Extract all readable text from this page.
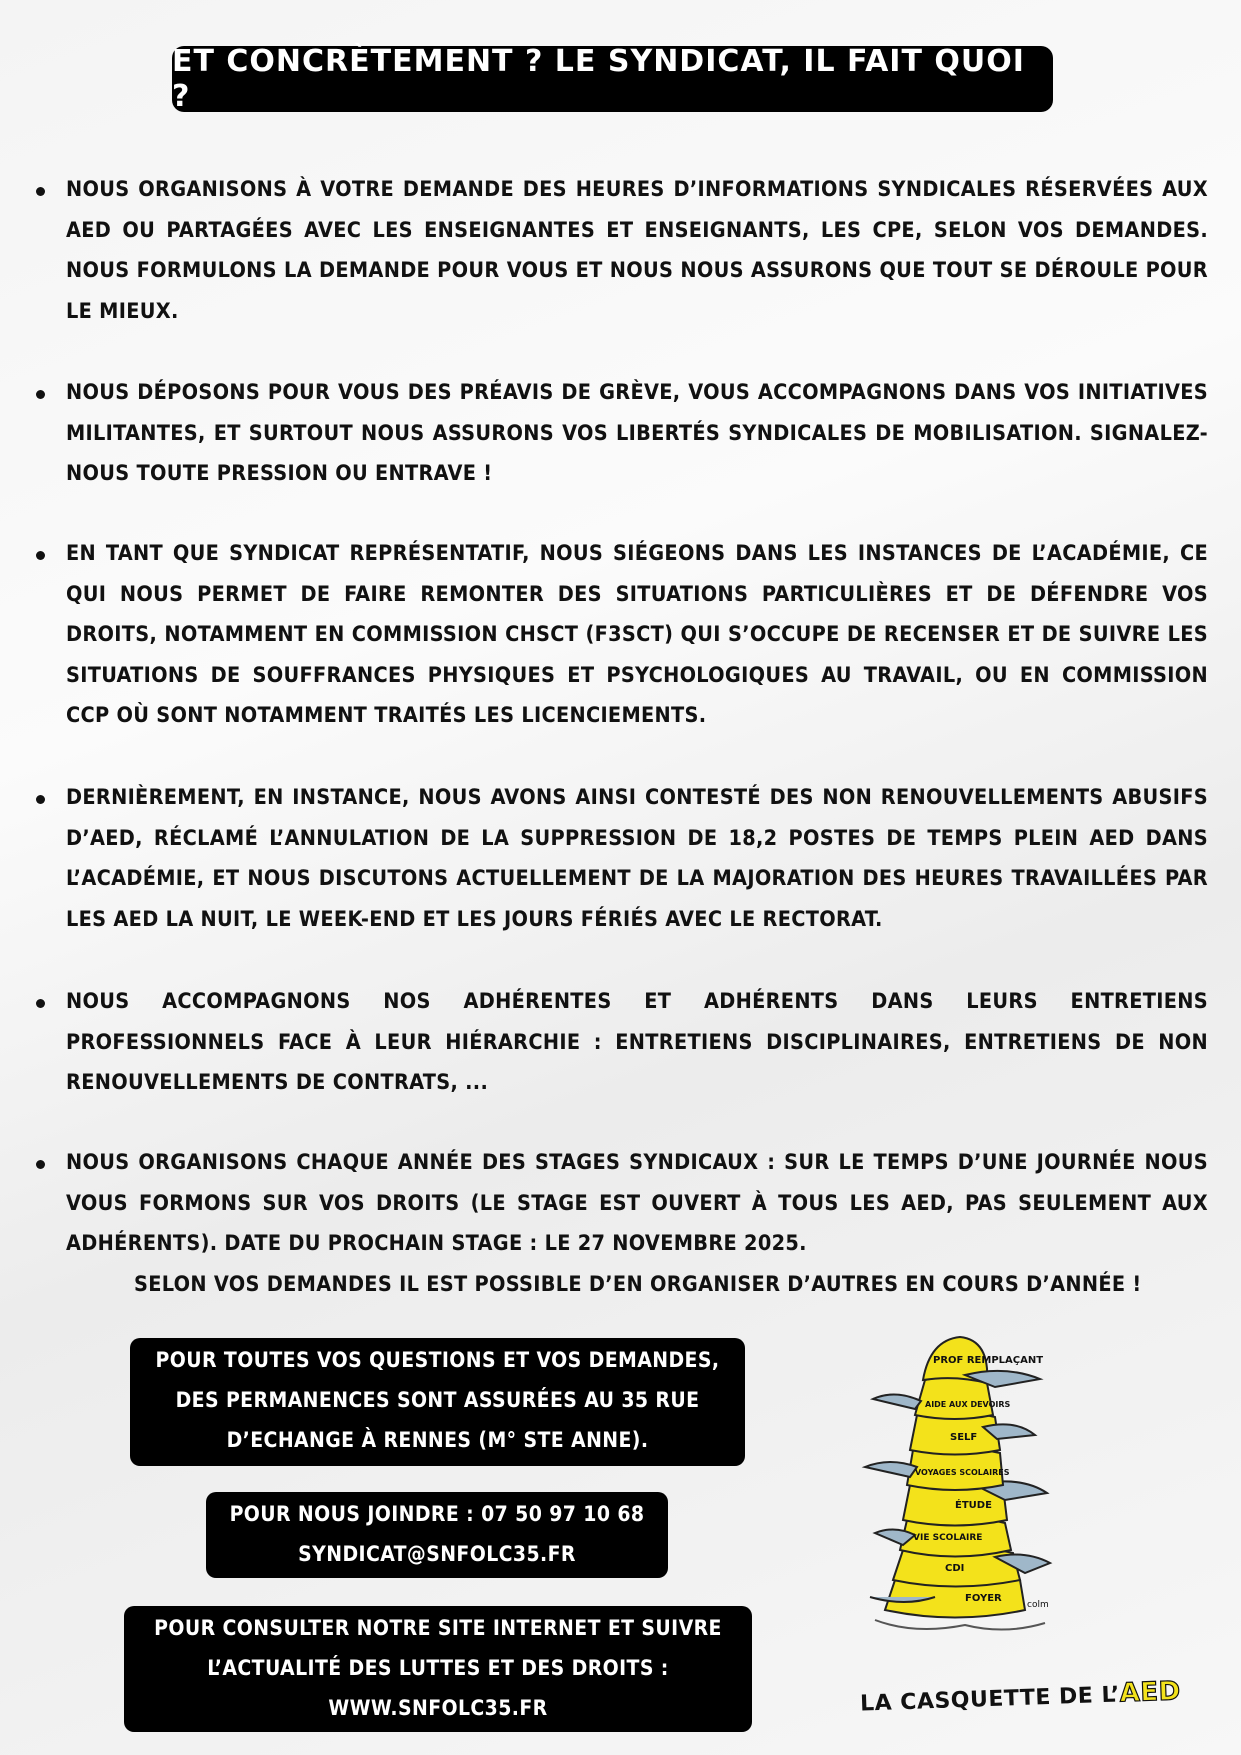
ET CONCRÈTEMENT ? LE SYNDICAT, IL FAIT QUOI ?
NOUS ORGANISONS À VOTRE DEMANDE DES HEURES D’INFORMATIONS SYNDICALES RÉSERVÉES AUX AED OU PARTAGÉES AVEC LES ENSEIGNANTES ET ENSEIGNANTS, LES CPE, SELON VOS DEMANDES. NOUS FORMULONS LA DEMANDE POUR VOUS ET NOUS NOUS ASSURONS QUE TOUT SE DÉROULE POUR LE MIEUX.
NOUS DÉPOSONS POUR VOUS DES PRÉAVIS DE GRÈVE, VOUS ACCOMPAGNONS DANS VOS INITIATIVES MILITANTES, ET SURTOUT NOUS ASSURONS VOS LIBERTÉS SYNDICALES DE MOBILISATION. SIGNALEZ-NOUS TOUTE PRESSION OU ENTRAVE !
EN TANT QUE SYNDICAT REPRÉSENTATIF, NOUS SIÉGEONS DANS LES INSTANCES DE L’ACADÉMIE, CE QUI NOUS PERMET DE FAIRE REMONTER DES SITUATIONS PARTICULIÈRES ET DE DÉFENDRE VOS DROITS, NOTAMMENT EN COMMISSION CHSCT (F3SCT) QUI S’OCCUPE DE RECENSER ET DE SUIVRE LES SITUATIONS DE SOUFFRANCES PHYSIQUES ET PSYCHOLOGIQUES AU TRAVAIL, OU EN COMMISSION CCP OÙ SONT NOTAMMENT TRAITÉS LES LICENCIEMENTS.
DERNIÈREMENT, EN INSTANCE, NOUS AVONS AINSI CONTESTÉ DES NON RENOUVELLEMENTS ABUSIFS D’AED, RÉCLAMÉ L’ANNULATION DE LA SUPPRESSION DE 18,2 POSTES DE TEMPS PLEIN AED DANS L’ACADÉMIE, ET NOUS DISCUTONS ACTUELLEMENT DE LA MAJORATION DES HEURES TRAVAILLÉES PAR LES AED LA NUIT, LE WEEK-END ET LES JOURS FÉRIÉS AVEC LE RECTORAT.
NOUS ACCOMPAGNONS NOS ADHÉRENTES ET ADHÉRENTS DANS LEURS ENTRETIENS PROFESSIONNELS FACE À LEUR HIÉRARCHIE : ENTRETIENS DISCIPLINAIRES, ENTRETIENS DE NON RENOUVELLEMENTS DE CONTRATS, ...
NOUS ORGANISONS CHAQUE ANNÉE DES STAGES SYNDICAUX : SUR LE TEMPS D’UNE JOURNÉE NOUS VOUS FORMONS SUR VOS DROITS (LE STAGE EST OUVERT À TOUS LES AED, PAS SEULEMENT AUX ADHÉRENTS). DATE DU PROCHAIN STAGE : LE 27 NOVEMBRE 2025.
SELON VOS DEMANDES IL EST POSSIBLE D’EN ORGANISER D’AUTRES EN COURS D’ANNÉE !
POUR TOUTES VOS QUESTIONS ET VOS DEMANDES,
DES PERMANENCES SONT ASSURÉES AU 35 RUE
D’ECHANGE À RENNES (M° STE ANNE).
POUR NOUS JOINDRE : 07 50 97 10 68
SYNDICAT@SNFOLC35.FR
POUR CONSULTER NOTRE SITE INTERNET ET SUIVRE
L’ACTUALITÉ DES LUTTES ET DES DROITS :
WWW.SNFOLC35.FR
PROF REMPLAÇANT
AIDE AUX DEVOIRS
SELF
VOYAGES SCOLAIRES
ÉTUDE
VIE SCOLAIRE
CDI
FOYER
colm
LA CASQUETTE DE L’AED
